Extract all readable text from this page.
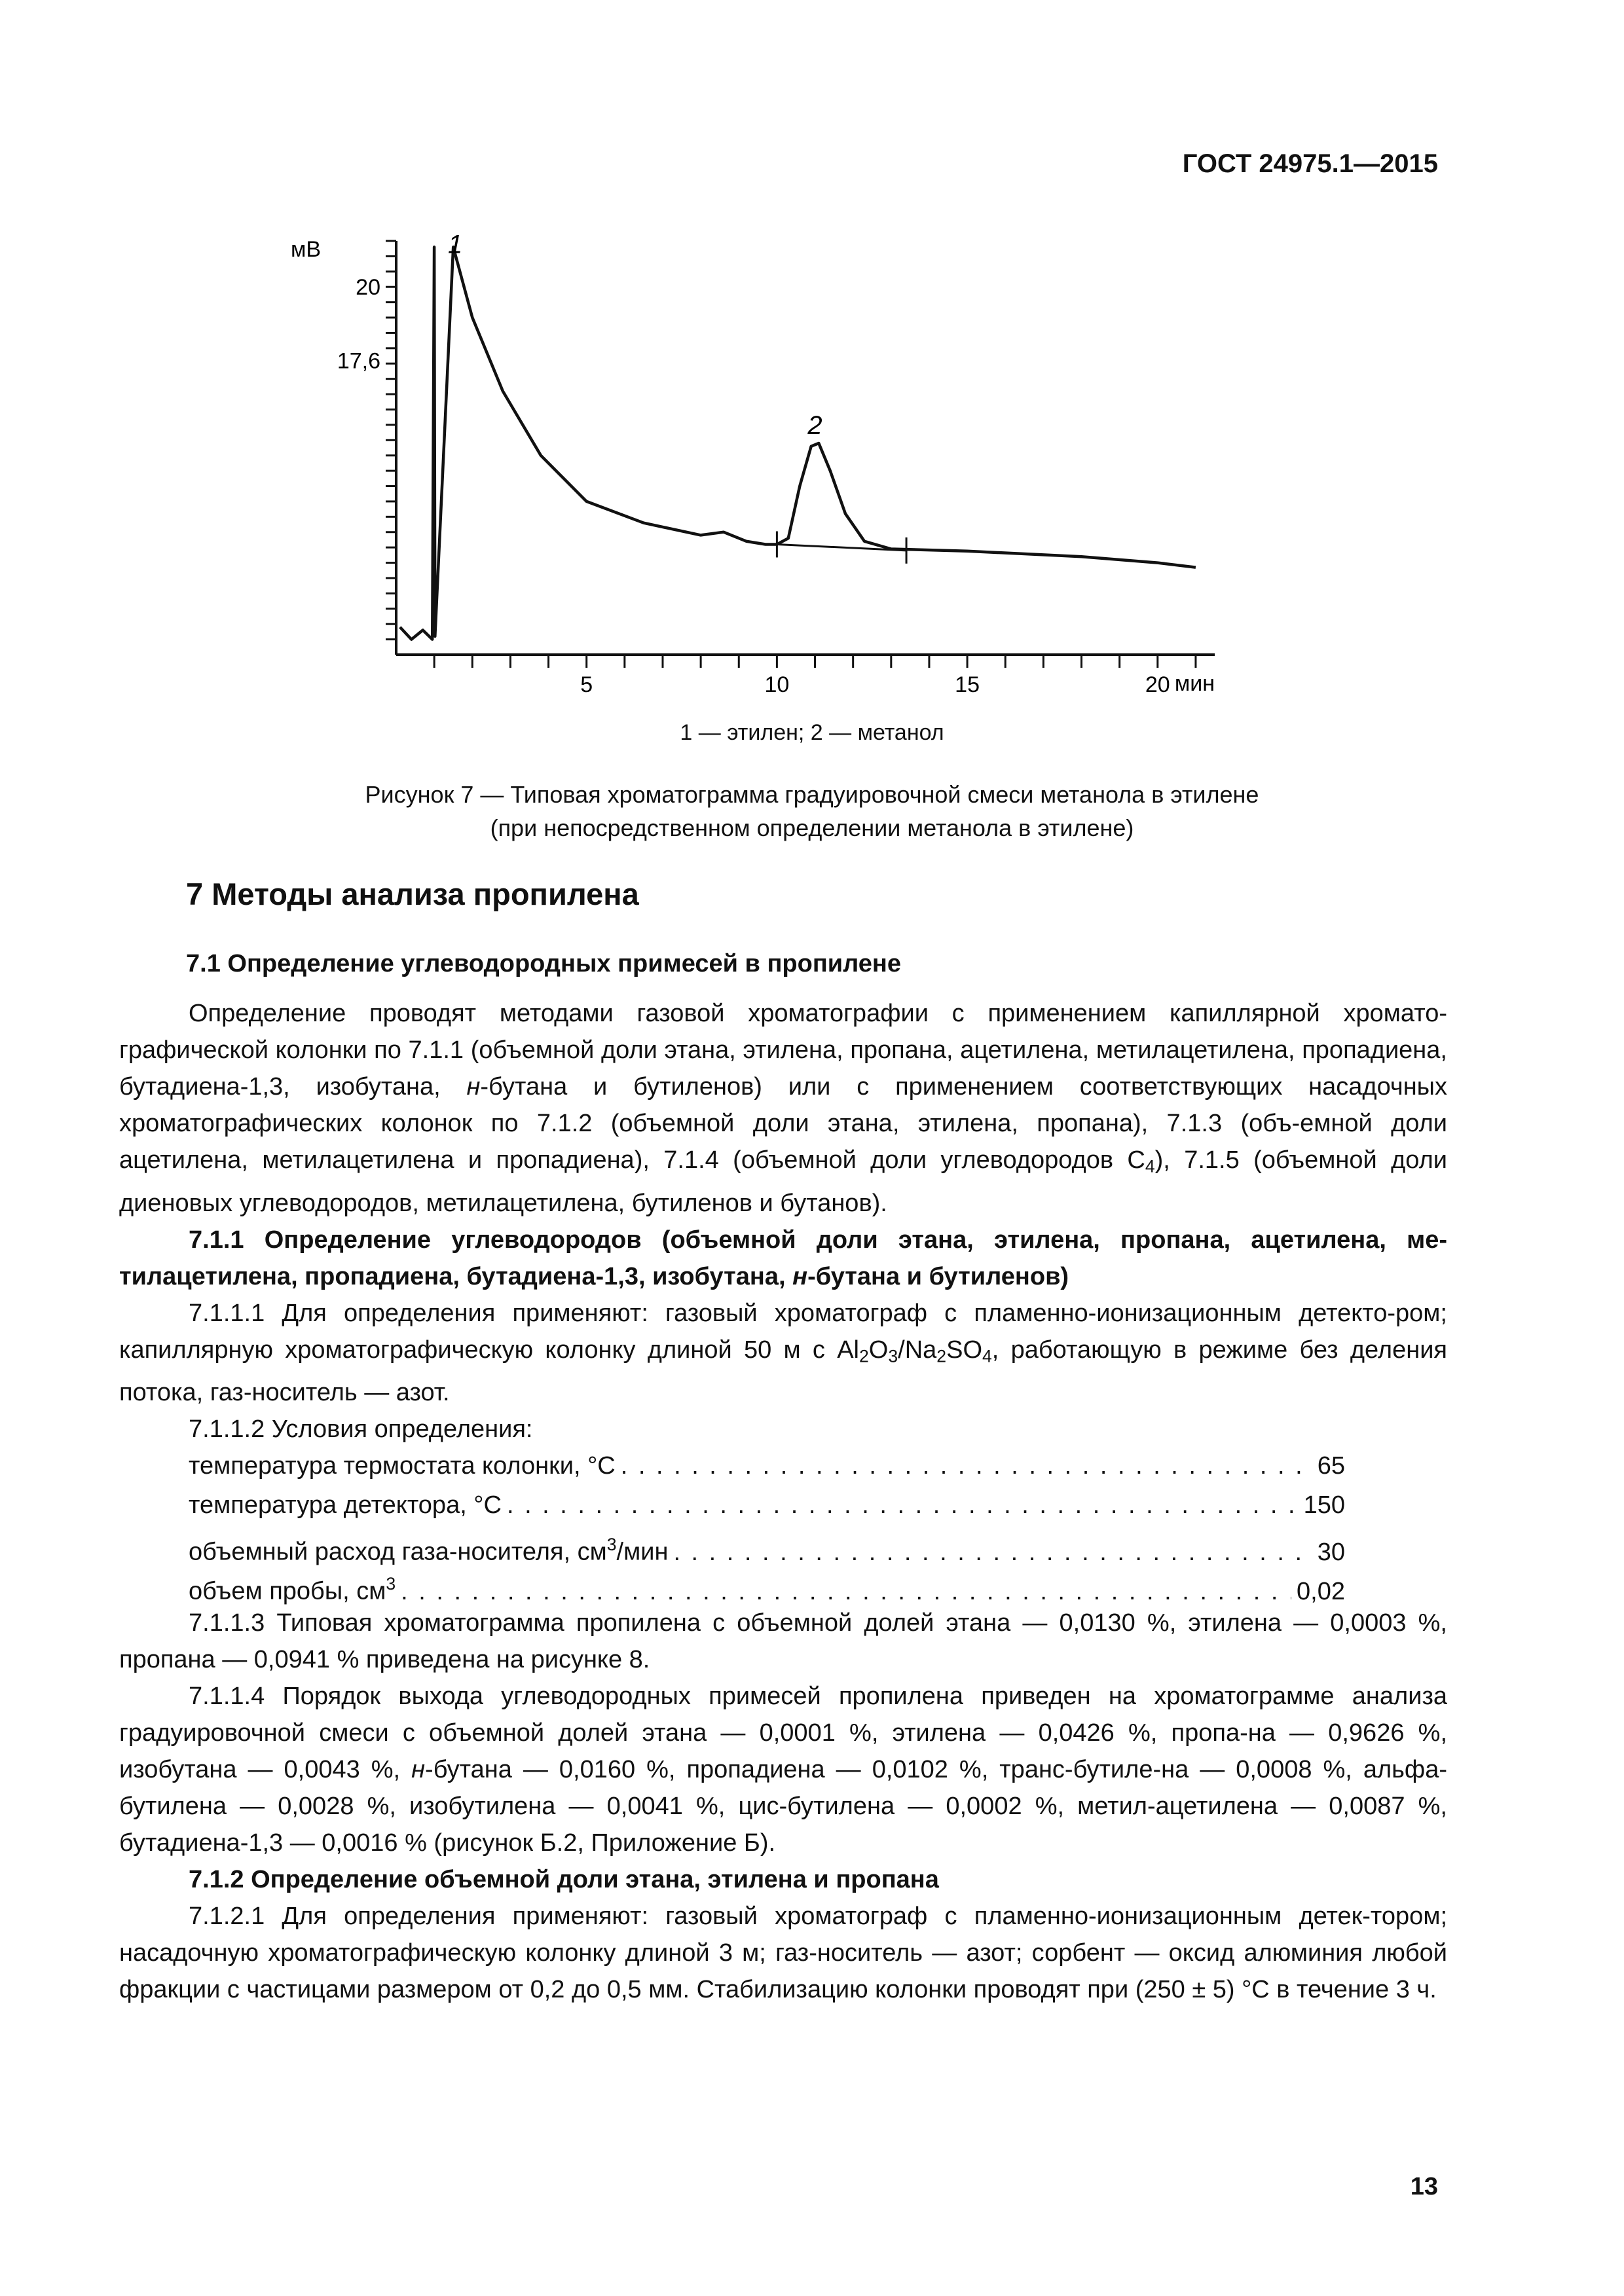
ГОСТ 24975.1—2015
5	10	15	20
20
17,6
1
2
мВ
мин
1 — этилен; 2 — метанол
Рисунок 7 — Типовая хроматограмма градуировочной смеси метанола в этилене
(при непосредственном определении метанола в этилене)
7 Методы анализа пропилена
7.1 Определение углеводородных примесей в пропилене

Определение проводят методами газовой хроматографии с применением капиллярной хромато-графической колонки по 7.1.1 (объемной доли этана, этилена, пропана, ацетилена, метилацетилена, пропадиена, бутадиена-1,3, изобутана, н-бутана и бутиленов) или с применением соответствующих насадочных хроматографических колонок по 7.1.2 (объемной доли этана, этилена, пропана), 7.1.3 (объ-емной доли ацетилена, метилацетилена и пропадиена), 7.1.4 (объемной доли углеводородов $С_4$), 7.1.5 (объемной доли диеновых углеводородов, метилацетилена, бутиленов и бутанов).

7.1.1 Определение углеводородов (объемной доли этана, этилена, пропана, ацетилена, ме-тилацетилена, пропадиена, бутадиена-1,3, изобутана, н-бутана и бутиленов)

7.1.1.1 Для определения применяют: газовый хроматограф с пламенно-ионизационным детекто-ром; капиллярную хроматографическую колонку длиной 50 м с $Al_2O_3/Na_2SO_4$, работающую в режиме без деления потока, газ-носитель — азот.

7.1.1.2 Условия определения:

температура термостата колонки, °С . . .	65
температура детектора, °С . . .	150
объемный расход газа-носителя, $см^3$/мин . . .	30
объем пробы, $см^3$ . . .	0,02

7.1.1.3 Типовая хроматограмма пропилена с объемной долей этана — 0,0130 %, этилена — 0,0003 %, пропана — 0,0941 % приведена на рисунке 8.

7.1.1.4 Порядок выхода углеводородных примесей пропилена приведен на хроматограмме анализа градуировочной смеси с объемной долей этана — 0,0001 %, этилена — 0,0426 %, пропа-на — 0,9626 %, изобутана — 0,0043 %, н-бутана — 0,0160 %, пропадиена — 0,0102 %, транс-бутиле-на — 0,0008 %, альфа-бутилена — 0,0028 %, изобутилена — 0,0041 %, цис-бутилена — 0,0002 %, метил-ацетилена — 0,0087 %, бутадиена-1,3 — 0,0016 % (рисунок Б.2, Приложение Б).

7.1.2 Определение объемной доли этана, этилена и пропана

7.1.2.1 Для определения применяют: газовый хроматограф с пламенно-ионизационным детек-тором; насадочную хроматографическую колонку длиной 3 м; газ-носитель — азот; сорбент — оксид алюминия любой фракции с частицами размером от 0,2 до 0,5 мм. Стабилизацию колонки проводят при (250 ± 5) °С в течение 3 ч.

13
